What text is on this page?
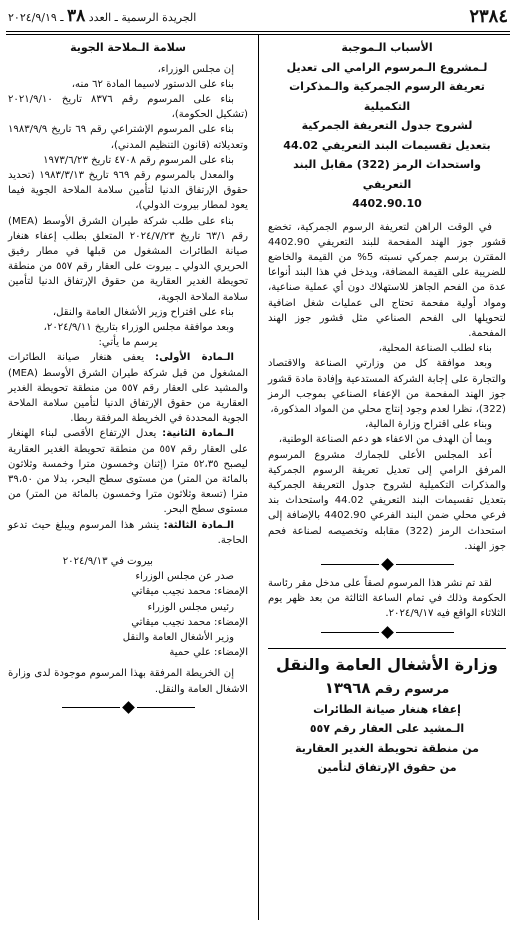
٢٣٨٤
الجريدة الرسمية ـ العدد ٣٨ ـ ٢٠٢٤/٩/١٩

الأسباب الـموجبة

لـمشروع الـمرسوم الرامي الى تعديل

تعريفة الرسوم الجمركية والـمذكرات التكميلية

لشروح جدول التعريفة الجمركية

بتعديل تقسيمات البند التعريفي 44.02

واستحداث الرمز (322) مقابل البند التعريفي

4402.90.10

في الوقت الراهن لتعريفة الرسوم الجمركية، تخضع قشور جوز الهند المفحمة للبند التعريفي 4402.90 المقترن برسم جمركي نسبته 5% من القيمة والخاضع للضريبة على القيمة المضافة، ويدخل في هذا البند أنواعا عدة من الفحم الجاهز للاستهلاك دون أي عملية صناعية، ومواد أولية مفحمة تحتاج الى عمليات شغل اضافية لتحويلها الى الفحم الصناعي مثل قشور جوز الهند المفحمة.

بناء لطلب الصناعة المحلية،

وبعد موافقة كل من وزارتي الصناعة والاقتصاد والتجارة على إجابة الشركة المستدعية وإفادة مادة قشور جوز الهند المفحمة من الإعفاء الصناعي بموجب الرمز (322)، نظرا لعدم وجود إنتاج محلي من المواد المذكورة،

وبناء على اقتراح وزارة المالية،

وبما أن الهدف من الاعفاء هو دعم الصناعة الوطنية،

أعد المجلس الأعلى للجمارك مشروع المرسوم المرفق الرامي إلى تعديل تعريفة الرسوم الجمركية والمذكرات التكميلية لشروح جدول التعريفة الجمركية بتعديل تقسيمات البند التعريفي 44.02 واستحداث بند فرعي محلي ضمن البند الفرعي 4402.90 بالإضافة إلى استحداث الرمز (322) مقابله وتخصيصه لصناعة فحم جوز الهند.

لقد تم نشر هذا المرسوم لصقاً على مدخل مقر رئاسة الحكومة وذلك في تمام الساعة الثالثة من بعد ظهر يوم الثلاثاء الواقع فيه ٢٠٢٤/٩/١٧.

وزارة الأشغال العامة والنقل
مرسوم رقم ١٣٩٦٨

إعفاء هنغار صيانة الطائرات

الـمشيد على العقار رقم ٥٥٧

من منطقة تحويطة الغدير العقارية

من حقوق الإرتفاق لتأمين

سلامة الـملاحة الجوية

إن مجلس الوزراء،

بناء على الدستور لاسيما المادة ٦٢ منه،

بناء على المرسوم رقم ٨٣٧٦ تاريخ ٢٠٢١/٩/١٠ (تشكيل الحكومة)،

بناء على المرسوم الإشتراعي رقم ٦٩ تاريخ ١٩٨٣/٩/٩ وتعديلاته (قانون التنظيم المدني)،

بناء على المرسوم رقم ٤٧٠٨ تاريخ ١٩٧٣/٦/٢٣

والمعدل بالمرسوم رقم ٩٦٩ تاريخ ١٩٨٣/٣/١٣ (تحديد حقوق الإرتفاق الدنيا لتأمين سلامة الملاحة الجوية فيما يعود لمطار بيروت الدولي)،

بناء على طلب شركة طيران الشرق الأوسط (MEA) رقم ٦٣/١ تاريخ ٢٠٢٤/٧/٢٣ المتعلق بطلب إعفاء هنغار صيانة الطائرات المشغول من قبلها في مطار رفيق الحريري الدولي ـ بيروت على العقار رقم ٥٥٧ من منطقة تحويطة الغدير العقارية من حقوق الإرتفاق الدنيا لتأمين سلامة الملاحة الجوية،

بناء على اقتراح وزير الأشغال العامة والنقل،

وبعد موافقة مجلس الوزراء بتاريخ ٢٠٢٤/٩/١١،

يرسم ما يأتي:

الـمادة الأولى: يعفى هنغار صيانة الطائرات المشغول من قبل شركة طيران الشرق الأوسط (MEA) والمشيد على العقار رقم ٥٥٧ من منطقة تحويطة الغدير العقارية من حقوق الإرتفاق الدنيا لتأمين سلامة الملاحة الجوية المحددة في الخريطة المرفقة ربطا.

الـمادة الثانية: يعدل الإرتفاع الأقصى لبناء الهنغار على العقار رقم ٥٥٧ من منطقة تحويطة الغدير العقارية ليصبح ٥٢،٣٥ مترا (إثنان وخمسون مترا وخمسة وثلاثون بالمائة من المتر) من مستوى سطح البحر، بدلا من ٣٩،٥٠ مترا (تسعة وثلاثون مترا وخمسون بالمائة من المتر) من مستوى سطح البحر.

الـمادة الثالثة: ينشر هذا المرسوم ويبلغ حيث تدعو الحاجة.

بيروت في ٢٠٢٤/٩/١٣

صدر عن مجلس الوزراء

الإمضاء: محمد نجيب ميقاتي

رئيس مجلس الوزراء

الإمضاء: محمد نجيب ميقاتي

وزير الأشغال العامة والنقل

الإمضاء: علي حمية

إن الخريطة المرفقة بهذا المرسوم موجودة لدى وزارة الاشغال العامة والنقل.
